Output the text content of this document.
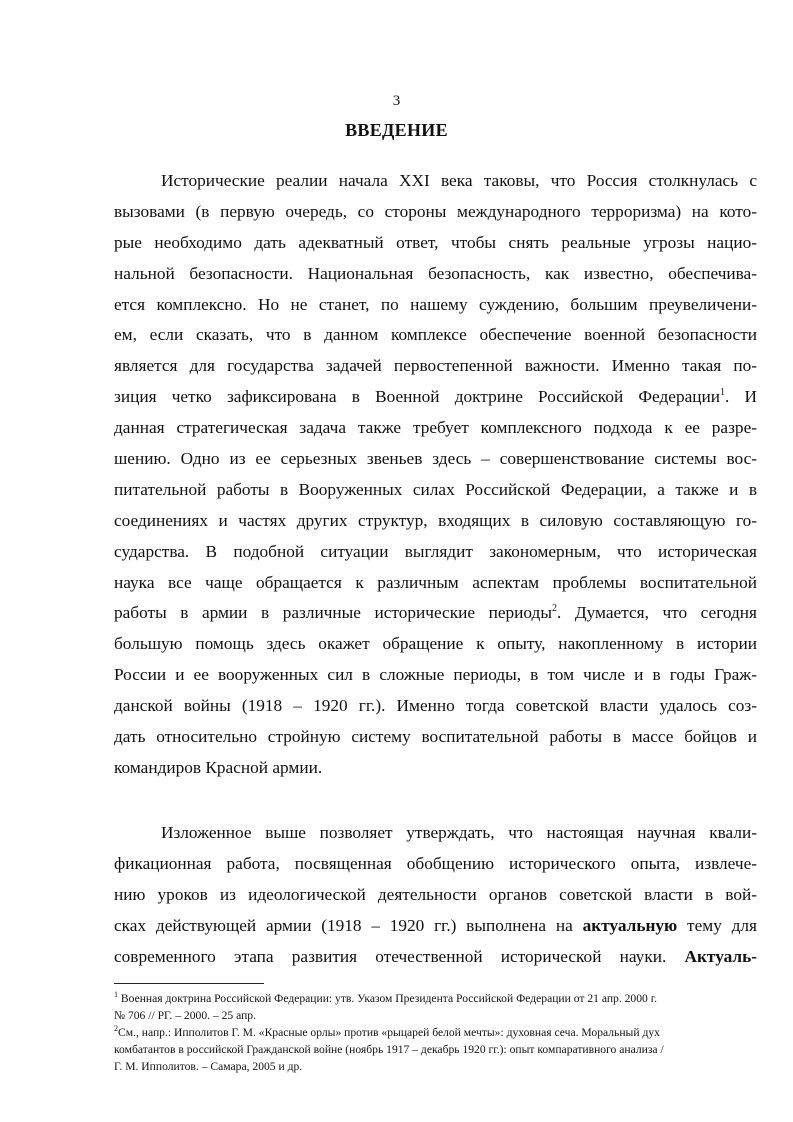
3
ВВЕДЕНИЕ
Исторические реалии начала XXI века таковы, что Россия столкнулась с
вызовами (в первую очередь, со стороны международного терроризма) на кото-
рые необходимо дать адекватный ответ, чтобы снять реальные угрозы нацио-
нальной безопасности. Национальная безопасность, как известно, обеспечива-
ется комплексно. Но не станет, по нашему суждению, большим преувеличени-
ем, если сказать, что в данном комплексе обеспечение военной безопасности
является для государства задачей первостепенной важности. Именно такая по-
зиция четко зафиксирована в Военной доктрине Российской Федерации$^1$. И
данная стратегическая задача также требует комплексного подхода к ее разре-
шению. Одно из ее серьезных звеньев здесь – совершенствование системы вос-
питательной работы в Вооруженных силах Российской Федерации, а также и в
соединениях и частях других структур, входящих в силовую составляющую го-
сударства. В подобной ситуации выглядит закономерным, что историческая
наука все чаще обращается к различным аспектам проблемы воспитательной
работы в армии в различные исторические периоды$^2$. Думается, что сегодня
большую помощь здесь окажет обращение к опыту, накопленному в истории
России и ее вооруженных сил в сложные периоды, в том числе и в годы Граж-
данской войны (1918 – 1920 гг.). Именно тогда советской власти удалось соз-
дать относительно стройную систему воспитательной работы в массе бойцов и
командиров Красной армии.
Изложенное выше позволяет утверждать, что настоящая научная квали-
фикационная работа, посвященная обобщению исторического опыта, извлече-
нию уроков из идеологической деятельности органов советской власти в вой-
сках действующей армии (1918 – 1920 гг.) выполнена на актуальную тему для
современного этапа развития отечественной исторической науки. Актуаль-
$^1$ Военная доктрина Российской Федерации: утв. Указом Президента Российской Федерации от 21 апр. 2000 г.
№ 706 // РГ. – 2000. – 25 апр.
$^2$См., напр.: Ипполитов Г. М. «Красные орлы» против «рыцарей белой мечты»: духовная сеча. Моральный дух
комбатантов в российской Гражданской войне (ноябрь 1917 – декабрь 1920 гг.): опыт компаративного анализа /
Г. М. Ипполитов. – Самара, 2005 и др.
